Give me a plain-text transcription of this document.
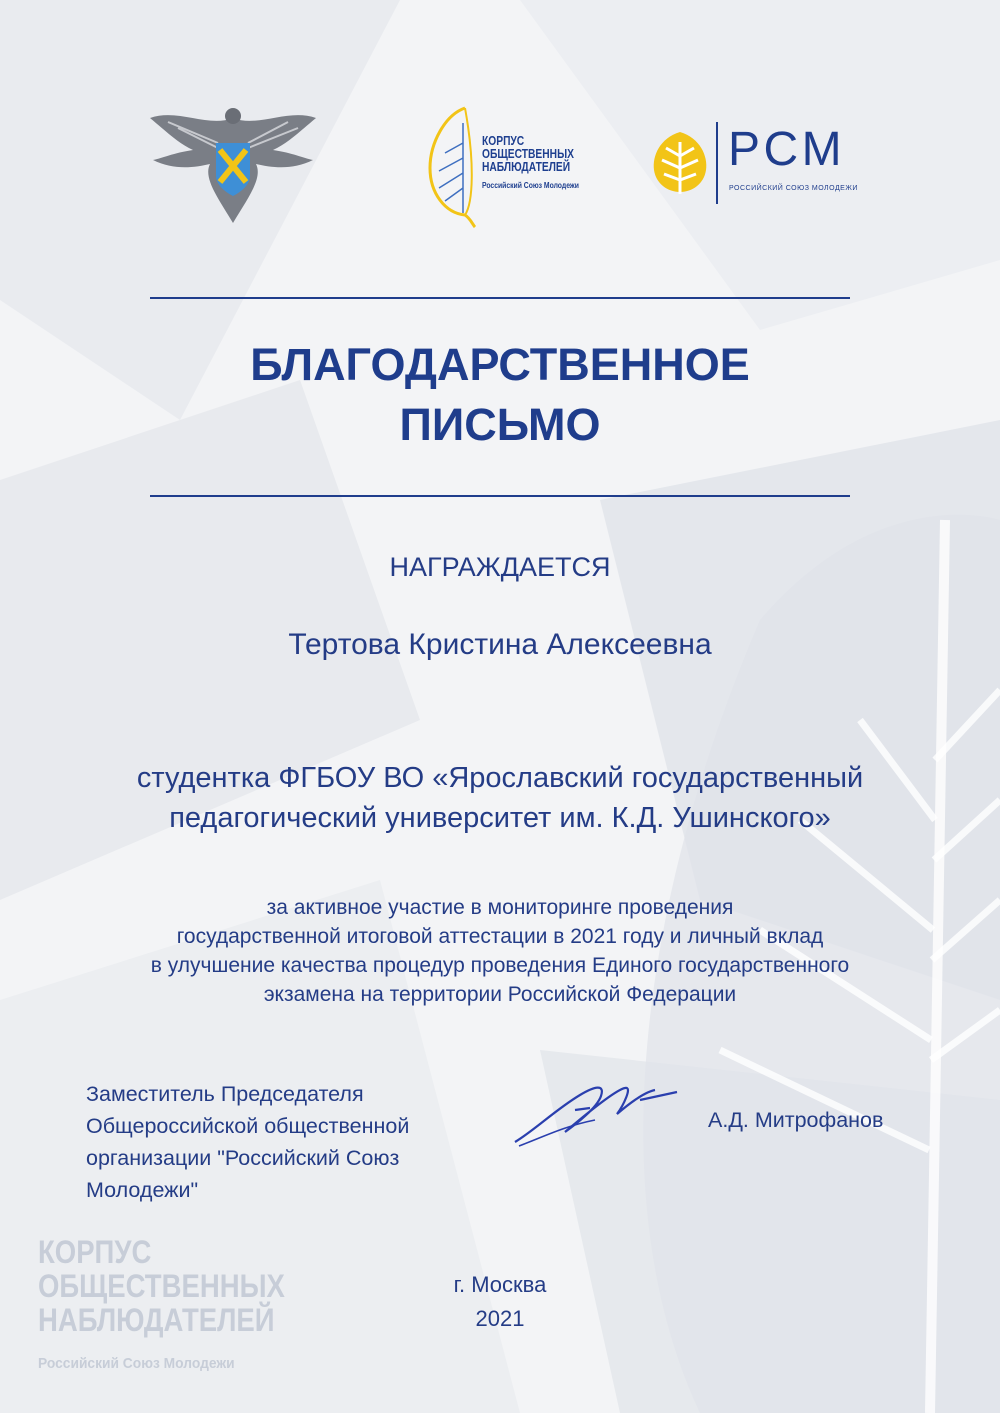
КОРПУС
ОБЩЕСТВЕННЫХ
НАБЛЮДАТЕЛЕЙ
Российский Союз Молодежи
РСМ
РОССИЙСКИЙ СОЮЗ МОЛОДЕЖИ
БЛАГОДАРСТВЕННОЕ
ПИСЬМО
НАГРАЖДАЕТСЯ
Тертова Кристина Алексеевна
студентка ФГБОУ ВО «Ярославский государственный
педагогический университет им. К.Д. Ушинского»
за активное участие в мониторинге проведения
государственной итоговой аттестации в 2021 году и личный вклад
в улучшение качества процедур проведения Единого государственного
экзамена на территории Российской Федерации
Заместитель Председателя
Общероссийской общественной
организации "Российский Союз
Молодежи"
А.Д. Митрофанов
г. Москва
2021
КОРПУС
ОБЩЕСТВЕННЫХ
НАБЛЮДАТЕЛЕЙ
Российский Союз Молодежи
